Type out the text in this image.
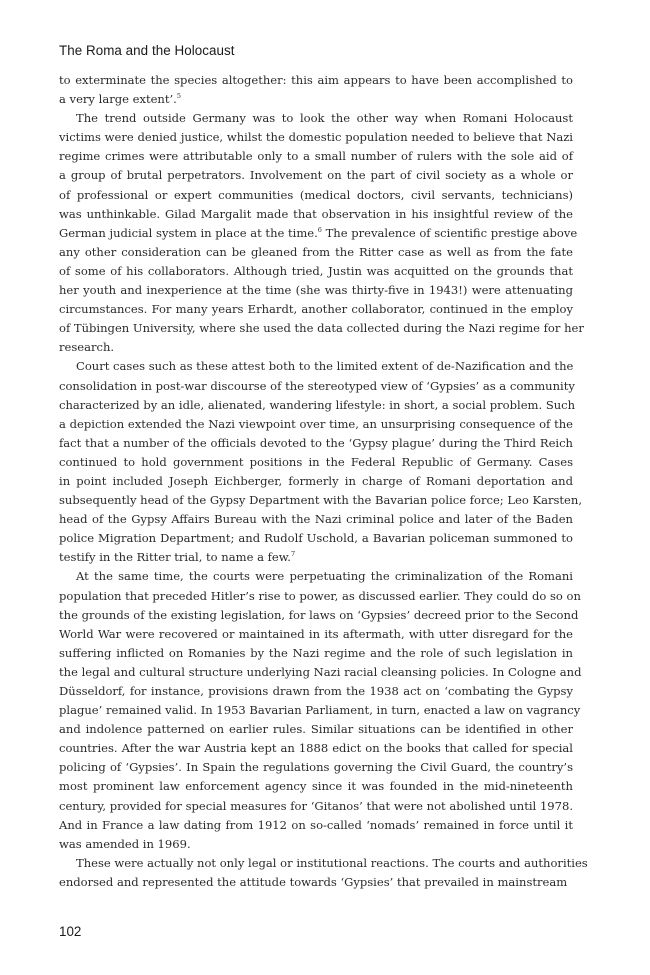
The Roma and the Holocaust
to exterminate the species altogether: this aim appears to have been accomplished to
a very large extent’.$^5$
The trend outside Germany was to look the other way when Romani Holocaust
victims were denied justice, whilst the domestic population needed to believe that Nazi
regime crimes were attributable only to a small number of rulers with the sole aid of
a group of brutal perpetrators. Involvement on the part of civil society as a whole or
of professional or expert communities (medical doctors, civil servants, technicians)
was unthinkable. Gilad Margalit made that observation in his insightful review of the
German judicial system in place at the time.$^6$ The prevalence of scientific prestige above
any other consideration can be gleaned from the Ritter case as well as from the fate
of some of his collaborators. Although tried, Justin was acquitted on the grounds that
her youth and inexperience at the time (she was thirty-five in 1943!) were attenuating
circumstances. For many years Erhardt, another collaborator, continued in the employ
of Tübingen University, where she used the data collected during the Nazi regime for her
research.
Court cases such as these attest both to the limited extent of de-Nazification and the
consolidation in post-war discourse of the stereotyped view of ‘Gypsies’ as a community
characterized by an idle, alienated, wandering lifestyle: in short, a social problem. Such
a depiction extended the Nazi viewpoint over time, an unsurprising consequence of the
fact that a number of the officials devoted to the ‘Gypsy plague’ during the Third Reich
continued to hold government positions in the Federal Republic of Germany. Cases
in point included Joseph Eichberger, formerly in charge of Romani deportation and
subsequently head of the Gypsy Department with the Bavarian police force; Leo Karsten,
head of the Gypsy Affairs Bureau with the Nazi criminal police and later of the Baden
police Migration Department; and Rudolf Uschold, a Bavarian policeman summoned to
testify in the Ritter trial, to name a few.$^7$
At the same time, the courts were perpetuating the criminalization of the Romani
population that preceded Hitler’s rise to power, as discussed earlier. They could do so on
the grounds of the existing legislation, for laws on ‘Gypsies’ decreed prior to the Second
World War were recovered or maintained in its aftermath, with utter disregard for the
suffering inflicted on Romanies by the Nazi regime and the role of such legislation in
the legal and cultural structure underlying Nazi racial cleansing policies. In Cologne and
Düsseldorf, for instance, provisions drawn from the 1938 act on ‘combating the Gypsy
plague’ remained valid. In 1953 Bavarian Parliament, in turn, enacted a law on vagrancy
and indolence patterned on earlier rules. Similar situations can be identified in other
countries. After the war Austria kept an 1888 edict on the books that called for special
policing of ‘Gypsies’. In Spain the regulations governing the Civil Guard, the country’s
most prominent law enforcement agency since it was founded in the mid-nineteenth
century, provided for special measures for ‘Gitanos’ that were not abolished until 1978.
And in France a law dating from 1912 on so-called ‘nomads’ remained in force until it
was amended in 1969.
These were actually not only legal or institutional reactions. The courts and authorities
endorsed and represented the attitude towards ‘Gypsies’ that prevailed in mainstream
102
